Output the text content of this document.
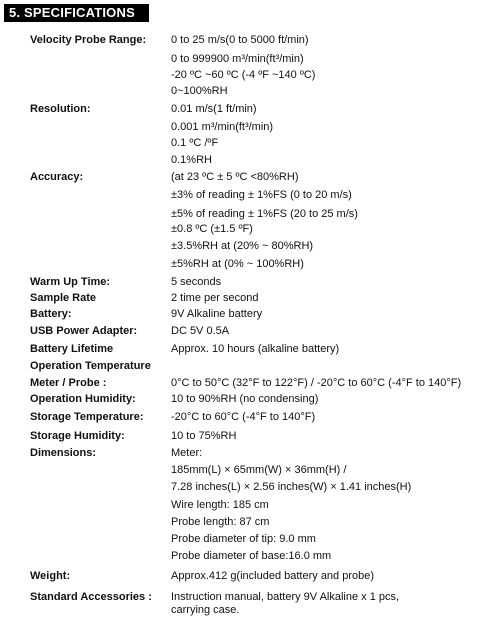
5. SPECIFICATIONS
Velocity Probe Range: 0 to 25 m/s(0 to 5000 ft/min)
0 to 999900 m³/min(ft³/min)
-20 ºC ~60 ºC (-4 ºF ~140 ºC)
0~100%RH
Resolution:	0.01 m/s(1 ft/min)
0.001 m³/min(ft³/min)
0.1 ºC /ºF
0.1%RH
Accuracy:	(at 23 ºC ± 5 ºC <80%RH)
±3% of reading ± 1%FS (0 to 20 m/s)
±5% of reading ± 1%FS (20 to 25 m/s)
±0.8 ºC (±1.5 ºF)
±3.5%RH at (20% ~ 80%RH)
±5%RH at (0% ~ 100%RH)
Warm Up Time:	5 seconds
Sample Rate	2 time per second
Battery:	9V Alkaline battery
USB Power Adapter:	DC 5V 0.5A
Battery Lifetime	Approx. 10 hours (alkaline battery)
Operation Temperature
Meter / Probe :	0°C to 50°C (32°F to 122°F) / -20°C to 60°C (-4°F to 140°F)
Operation Humidity:	10 to 90%RH (no condensing)
Storage Temperature:	-20°C to 60°C (-4°F to 140°F)
Storage Humidity:	10 to 75%RH
Dimensions:	Meter:
185mm(L) × 65mm(W) × 36mm(H) /
7.28 inches(L) × 2.56 inches(W) × 1.41 inches(H)
Wire length: 185 cm
Probe length: 87 cm
Probe diameter of tip: 9.0 mm
Probe diameter of base:16.0 mm
Weight:	Approx.412 g(included battery and probe)
Standard Accessories : Instruction manual, battery 9V Alkaline x 1 pcs, carrying case.
